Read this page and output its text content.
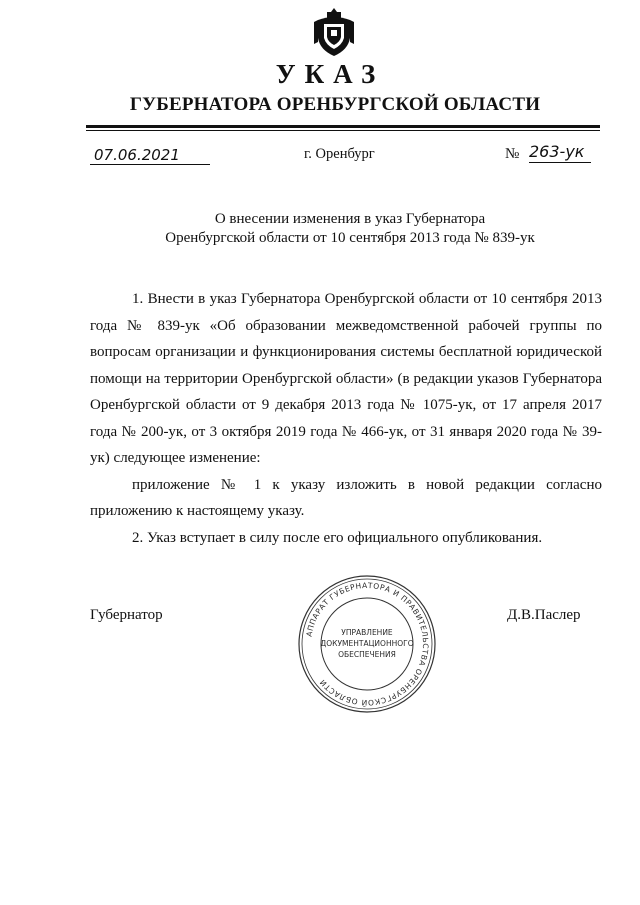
УКАЗ
ГУБЕРНАТОРА ОРЕНБУРГСКОЙ ОБЛАСТИ
07.06.2021	г. Оренбург	№ 263-ук
О внесении изменения в указ Губернатора
Оренбургской области от 10 сентября 2013 года № 839-ук

1. Внести в указ Губернатора Оренбургской области от 10 сентября 2013 года № 839-ук «Об образовании межведомственной рабочей группы по вопросам организации и функционирования системы бесплатной юридической помощи на территории Оренбургской области» (в редакции указов Губернатора Оренбургской области от 9 декабря 2013 года № 1075-ук, от 17 апреля 2017 года № 200-ук, от 3 октября 2019 года № 466-ук, от 31 января 2020 года № 39-ук) следующее изменение:

приложение № 1 к указу изложить в новой редакции согласно приложению к настоящему указу.

2. Указ вступает в силу после его официального опубликования.

Губернатор	Д.В.Паслер
АППАРАТ ГУБЕРНАТОРА И ПРАВИТЕЛЬСТВА ОРЕНБУРГСКОЙ ОБЛАСТИ
УПРАВЛЕНИЕ
ДОКУМЕНТАЦИОННОГО
ОБЕСПЕЧЕНИЯ
